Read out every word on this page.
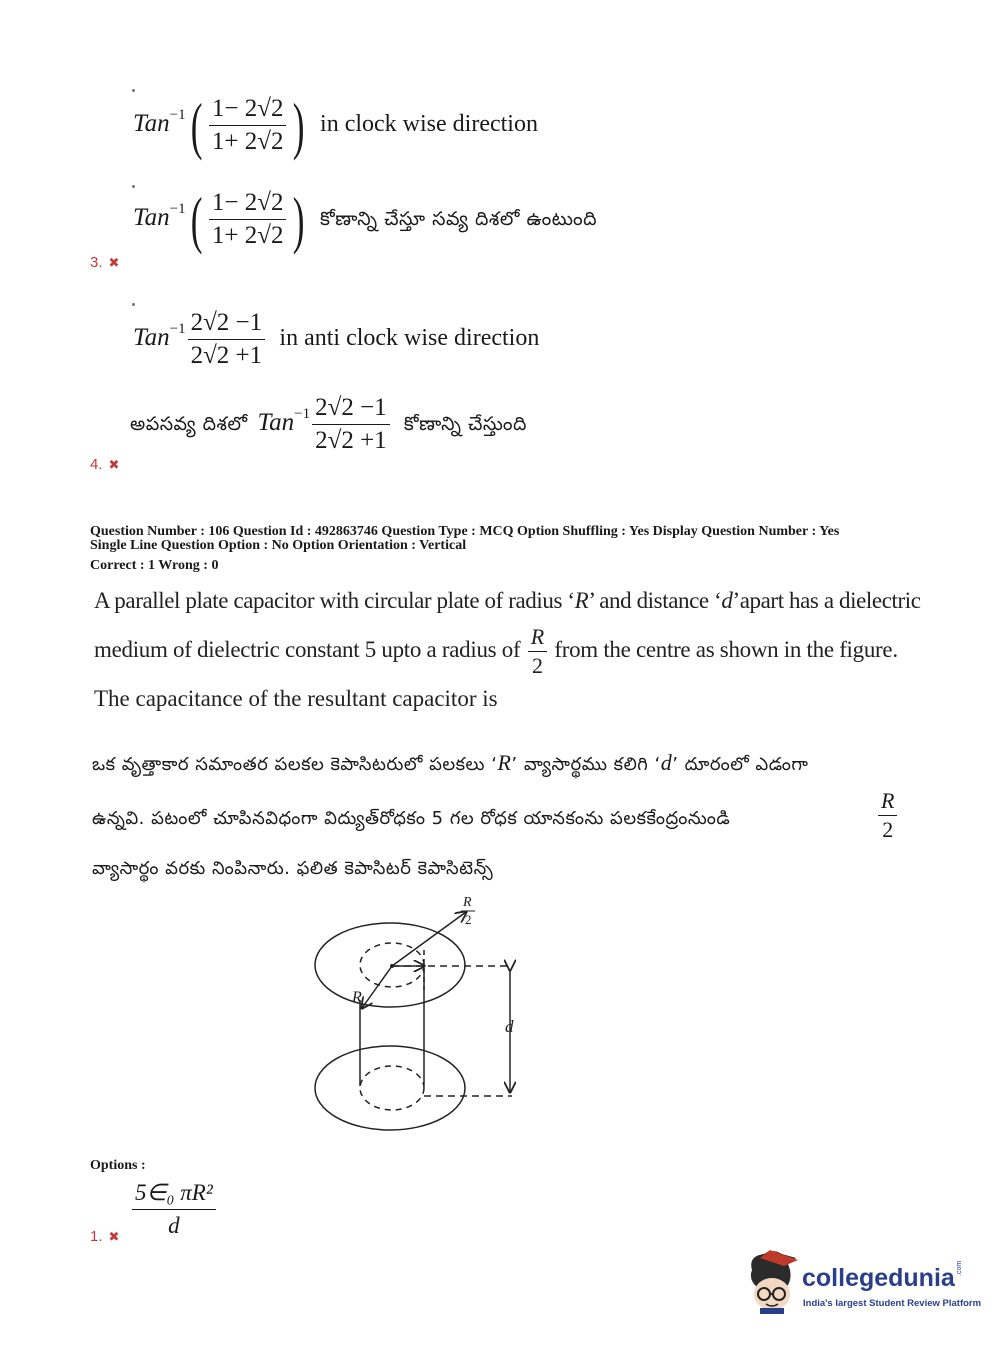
$Tan^{-1}( \frac{1- 2√2}{1+ 2√2}$ ) in clock wise direction
$Tan^{-1}( \frac{1- 2√2}{1+ 2√2}$ ) కోణాన్ని చేస్తూ సవ్య దిశలో ఉంటుంది
3. ✖
$Tan^{-1} \frac{2√2 -1}{2√2 +1}$ in anti clock wise direction
అపసవ్య దిశలో $Tan^{-1} \frac{2√2 -1}{2√2 +1}$ కోణాన్ని చేస్తుంది
4. ✖
Question Number : 106 Question Id : 492863746 Question Type : MCQ Option Shuffling : Yes Display Question Number : Yes
Single Line Question Option : No Option Orientation : Vertical
Correct : 1 Wrong : 0
A parallel plate capacitor with circular plate of radius ‘R’ and distance ‘d’apart has a dielectric
medium of dielectric constant 5 upto a radius of $\frac{R}{2}$ from the centre as shown in the figure.
The capacitance of the resultant capacitor is
ఒక వృత్తాకార సమాంతర పలకల కెపాసిటరులో పలకలు ‘R’ వ్యాసార్థము కలిగి ‘d’ దూరంలో ఎడంగా
ఉన్నవి. పటంలో చూపినవిధంగా విద్యుత్‌రోధకం 5 గల రోధక యానకంను పలకకేంద్రంనుండి	$\frac{R}{2}$
వ్యాసార్థం వరకు నింపినారు. ఫలిత కెపాసిటర్ కెపాసిటెన్స్
R
2
R
d
Options :
$\frac{\text{5∈₀ πR²}}{d}$
1. ✖
collegedunia .com
India's largest Student Review Platform
